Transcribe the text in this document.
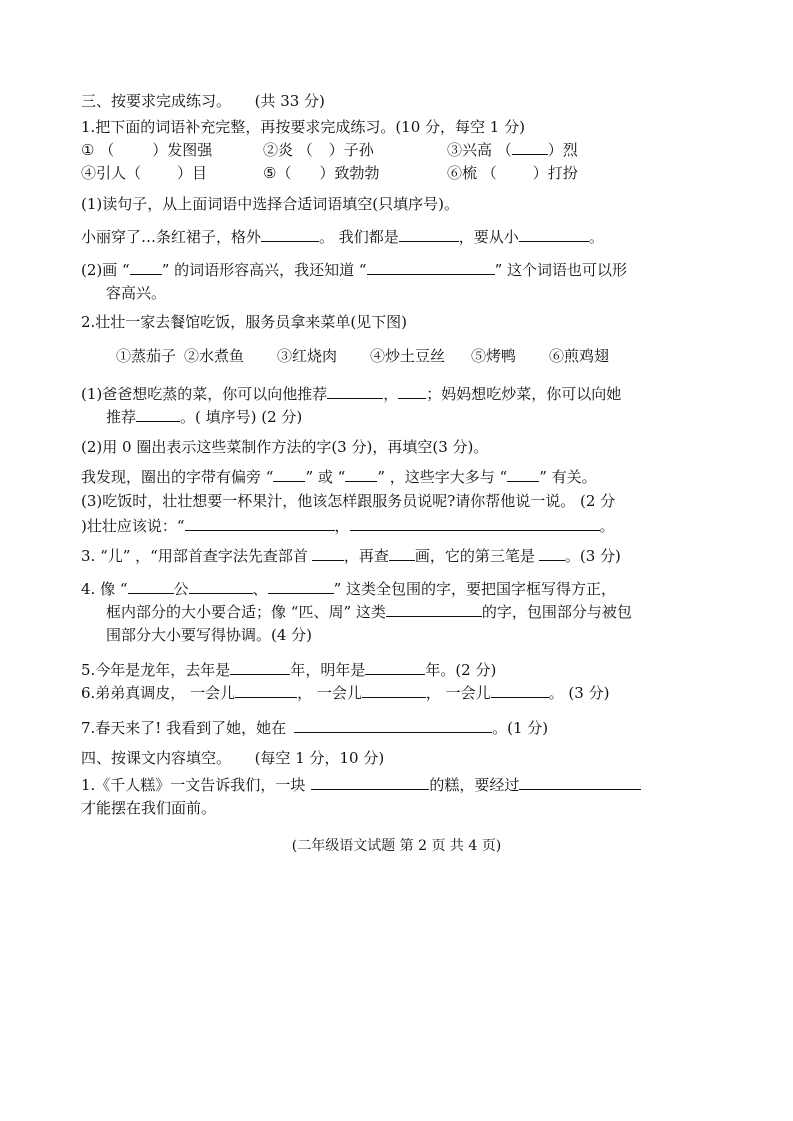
三、按要求完成练习。 (共 33 分)
1.把下面的词语补充完整，再按要求完成练习。(10 分，每空 1 分)
① （	）发图强	②炎 （ ）子孙	③兴高 （ ）烈
④引人（ ）目	⑤（ ）致勃勃	⑥梳 （ ）打扮
(1)读句子，从上面词语中选择合适词语填空(只填序号)。
小丽穿了…条红裙子，格外	。 我们都是	，要从小	。
(2)画 “ ” 的词语形容高兴，我还知道 “	” 这个词语也可以形
容高兴。
2.壮壮一家去餐馆吃饭，服务员拿来菜单(见下图)
①蒸茄子 ②水煮鱼 ③红烧肉 ④炒土豆丝 ⑤烤鸭 ⑥煎鸡翅
(1)爸爸想吃蒸的菜，你可以向他推荐	， ；妈妈想吃炒菜，你可以向她
推荐	。( 填序号) (2 分)
(2)用 0 圈出表示这些菜制作方法的字(3 分)，再填空(3 分)。
我发现，圈出的字带有偏旁 “ ” 或 “ ” ，这些字大多与 “ ” 有关。
(3)吃饭时，壮壮想要一杯果汁，他该怎样跟服务员说呢?请你帮他说一说。 (2 分
)壮壮应该说：“	，	。
3. “儿” ，“用部首查字法先查部首 ，再查 画，它的第三笔是 。(3 分)
4. 像 “	公	、	” 这类全包围的字，要把国字框写得方正，
框内部分的大小要合适；像 “匹、周” 这类	的字，包围部分与被包
围部分大小要写得协调。(4 分)
5.今年是龙年，去年是	年，明年是	年。(2 分)
6.弟弟真调皮， 一会儿	， 一会儿	， 一会儿	。 (3 分)
7.春天来了! 我看到了她，她在	。(1 分)
四、按课文内容填空。 (每空 1 分，10 分)
1.《千人糕》一文告诉我们，一块	的糕，要经过
才能摆在我们面前。
(二年级语文试题 第 2 页 共 4 页)
